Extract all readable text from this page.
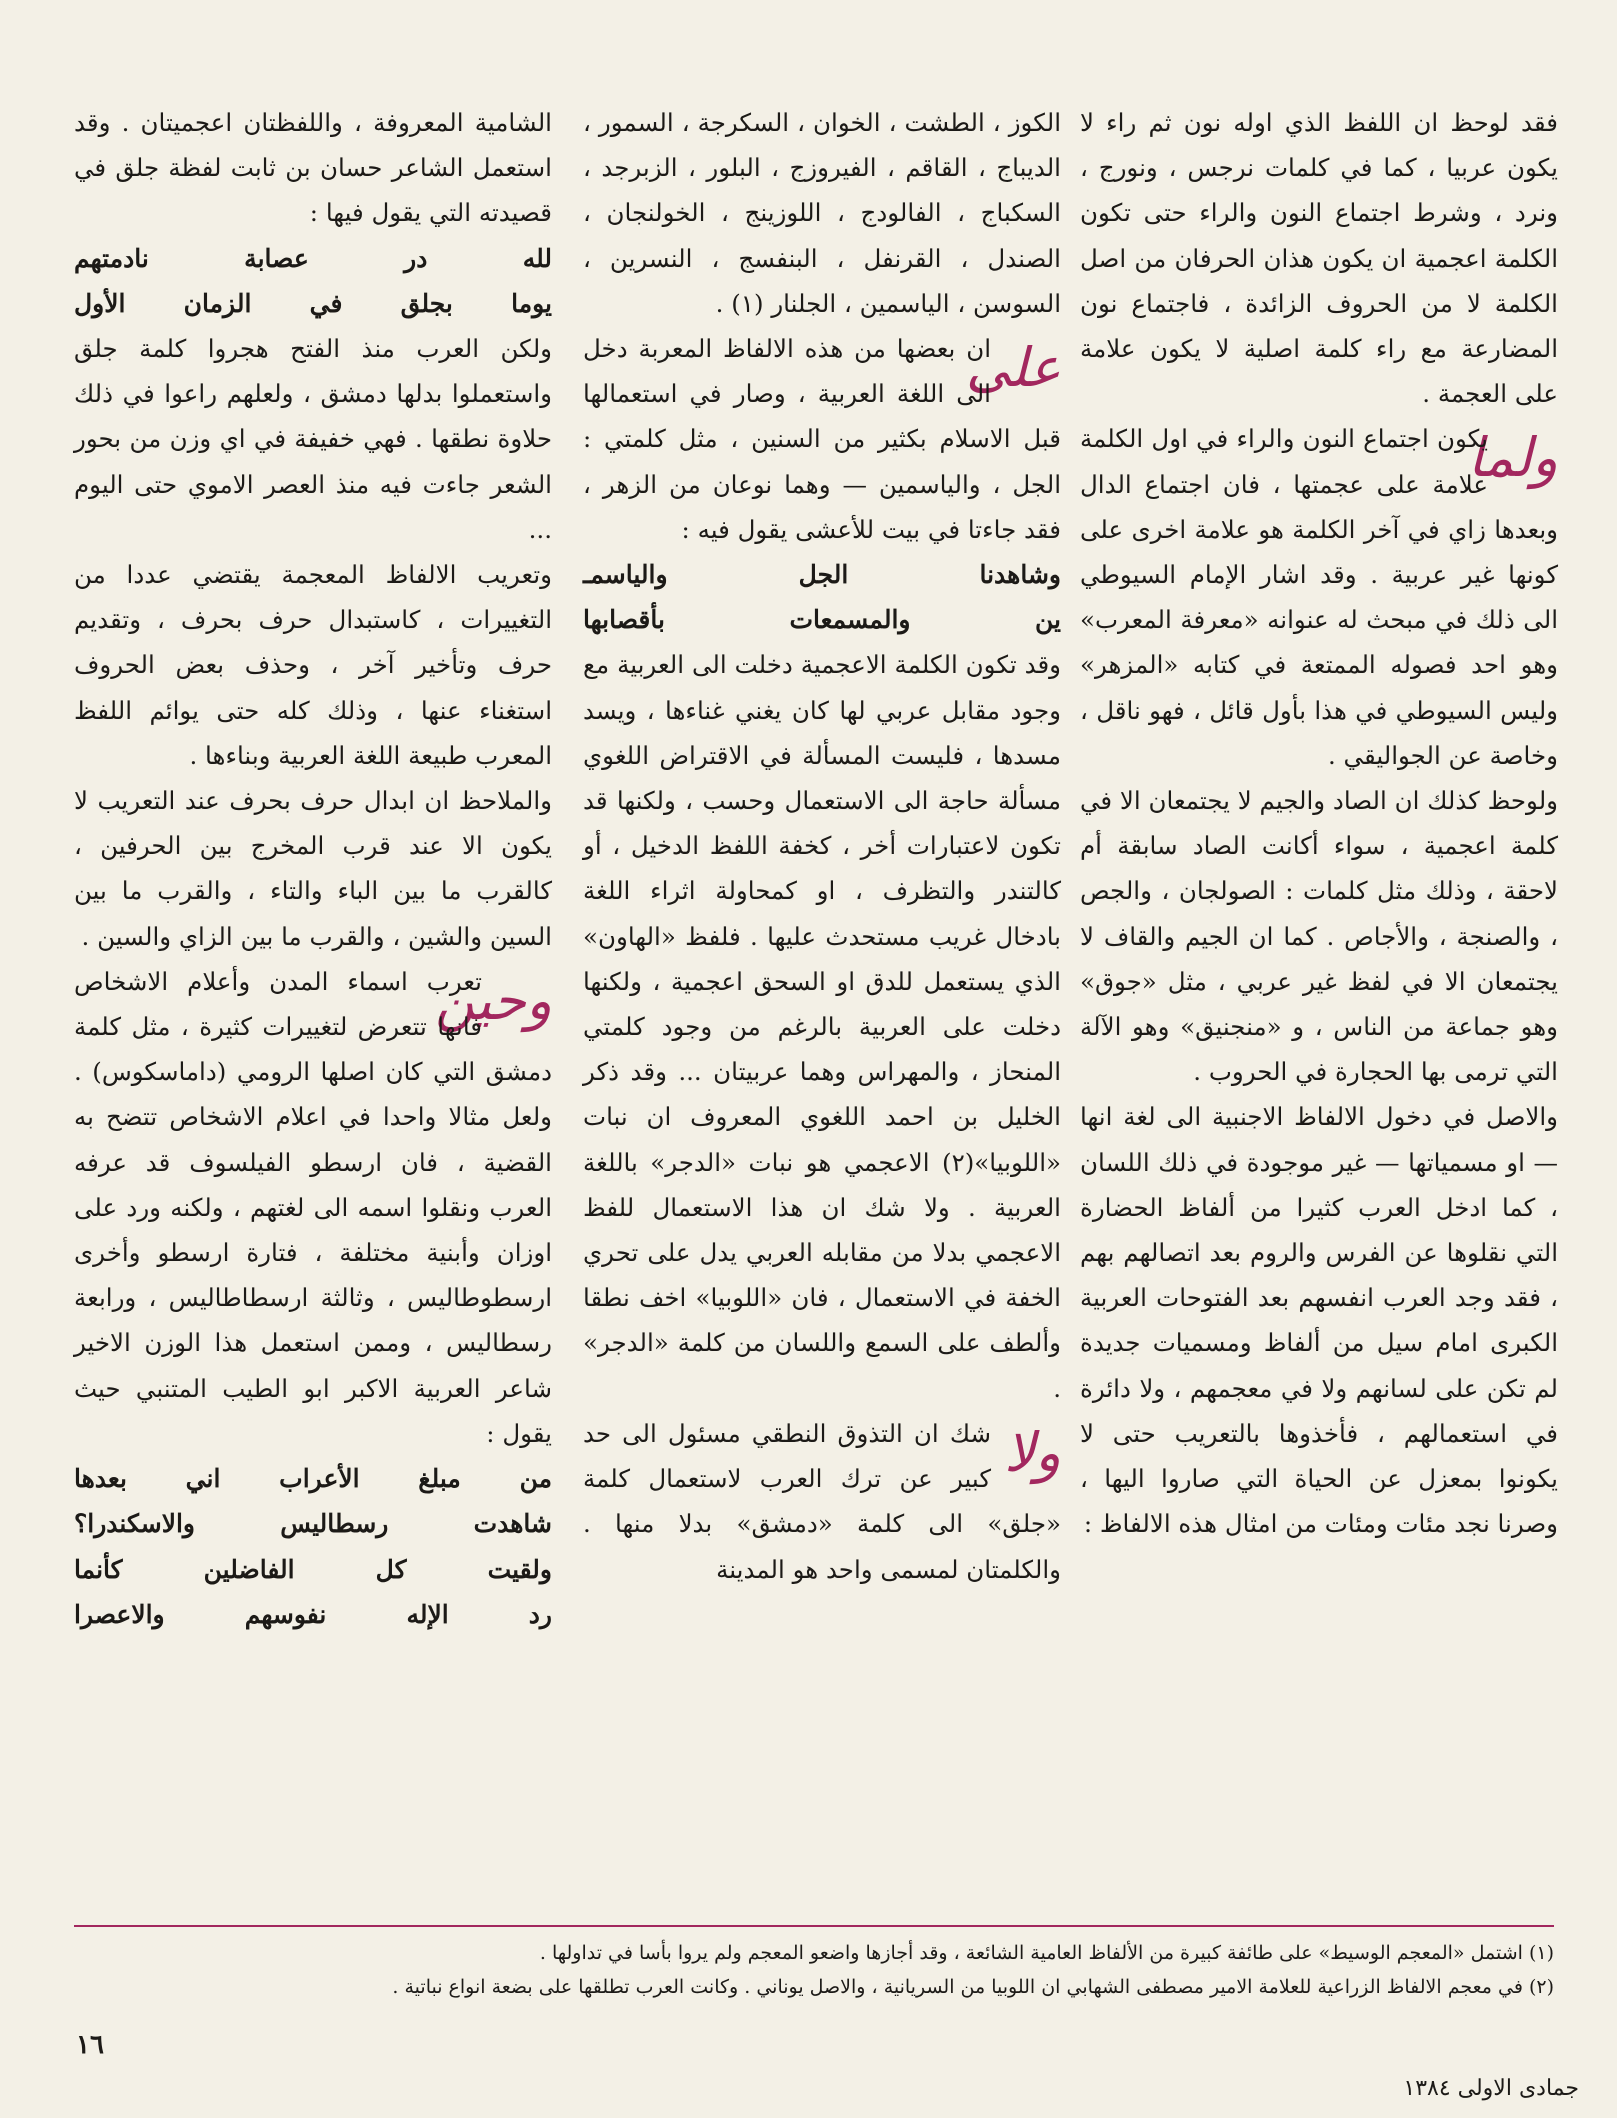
فقد لوحظ ان اللفظ الذي اوله نون ثم راء لا يكون عربيا ، كما في كلمات نرجس ، ونورج ، ونرد ، وشرط اجتماع النون والراء حتى تكون الكلمة اعجمية ان يكون هذان الحرفان من اصل الكلمة لا من الحروف الزائدة ، فاجتماع نون المضارعة مع راء كلمة اصلية لا يكون علامة على العجمة .

ولما
يكون اجتماع النون والراء في اول الكلمة علامة على عجمتها ، فان اجتماع الدال وبعدها زاي في آخر الكلمة هو علامة اخرى على كونها غير عربية . وقد اشار الإمام السيوطي الى ذلك في مبحث له عنوانه «معرفة المعرب» وهو احد فصوله الممتعة في كتابه «المزهر» وليس السيوطي في هذا بأول قائل ، فهو ناقل ، وخاصة عن الجواليقي .

ولوحظ كذلك ان الصاد والجيم لا يجتمعان الا في كلمة اعجمية ، سواء أكانت الصاد سابقة أم لاحقة ، وذلك مثل كلمات : الصولجان ، والجص ، والصنجة ، والأجاص . كما ان الجيم والقاف لا يجتمعان الا في لفظ غير عربي ، مثل «جوق» وهو جماعة من الناس ، و «منجنيق» وهو الآلة التي ترمى بها الحجارة في الحروب .

والاصل في دخول الالفاظ الاجنبية الى لغة انها — او مسمياتها — غير موجودة في ذلك اللسان ، كما ادخل العرب كثيرا من ألفاظ الحضارة التي نقلوها عن الفرس والروم بعد اتصالهم بهم ، فقد وجد العرب انفسهم بعد الفتوحات العربية الكبرى امام سيل من ألفاظ ومسميات جديدة لم تكن على لسانهم ولا في معجمهم ، ولا دائرة في استعمالهم ، فأخذوها بالتعريب حتى لا يكونوا بمعزل عن الحياة التي صاروا اليها ، وصرنا نجد مئات ومئات من امثال هذه الالفاظ :

الكوز ، الطشت ، الخوان ، السكرجة ، السمور ، الديباج ، القاقم ، الفيروزج ، البلور ، الزبرجد ، السكباج ، الفالودج ، اللوزينج ، الخولنجان ، الصندل ، القرنفل ، البنفسج ، النسرين ، السوسن ، الياسمين ، الجلنار (١) .

على
ان بعضها من هذه الالفاظ المعربة دخل الى اللغة العربية ، وصار في استعمالها قبل الاسلام بكثير من السنين ، مثل كلمتي : الجل ، والياسمين — وهما نوعان من الزهر ، فقد جاءتا في بيت للأعشى يقول فيه :

وشاهدنا الجل والياسمـ

ين والمسمعات بأقصابها

وقد تكون الكلمة الاعجمية دخلت الى العربية مع وجود مقابل عربي لها كان يغني غناءها ، ويسد مسدها ، فليست المسألة في الاقتراض اللغوي مسألة حاجة الى الاستعمال وحسب ، ولكنها قد تكون لاعتبارات أخر ، كخفة اللفظ الدخيل ، أو كالتندر والتظرف ، او كمحاولة اثراء اللغة بادخال غريب مستحدث عليها . فلفظ «الهاون» الذي يستعمل للدق او السحق اعجمية ، ولكنها دخلت على العربية بالرغم من وجود كلمتي المنحاز ، والمهراس وهما عربيتان ... وقد ذكر الخليل بن احمد اللغوي المعروف ان نبات «اللوبيا»(٢) الاعجمي هو نبات «الدجر» باللغة العربية . ولا شك ان هذا الاستعمال للفظ الاعجمي بدلا من مقابله العربي يدل على تحري الخفة في الاستعمال ، فان «اللوبيا» اخف نطقا وألطف على السمع واللسان من كلمة «الدجر» .

ولا
شك ان التذوق النطقي مسئول الى حد كبير عن ترك العرب لاستعمال كلمة «جلق» الى كلمة «دمشق» بدلا منها . والكلمتان لمسمى واحد هو المدينة

الشامية المعروفة ، واللفظتان اعجميتان . وقد استعمل الشاعر حسان بن ثابت لفظة جلق في قصيدته التي يقول فيها :

لله در عصابة نادمتهم

يوما بجلق في الزمان الأول

ولكن العرب منذ الفتح هجروا كلمة جلق واستعملوا بدلها دمشق ، ولعلهم راعوا في ذلك حلاوة نطقها . فهي خفيفة في اي وزن من بحور الشعر جاءت فيه منذ العصر الاموي حتى اليوم ...

وتعريب الالفاظ المعجمة يقتضي عددا من التغييرات ، كاستبدال حرف بحرف ، وتقديم حرف وتأخير آخر ، وحذف بعض الحروف استغناء عنها ، وذلك كله حتى يوائم اللفظ المعرب طبيعة اللغة العربية وبناءها .

والملاحظ ان ابدال حرف بحرف عند التعريب لا يكون الا عند قرب المخرج بين الحرفين ، كالقرب ما بين الباء والتاء ، والقرب ما بين السين والشين ، والقرب ما بين الزاي والسين .

وحين
تعرب اسماء المدن وأعلام الاشخاص فانها تتعرض لتغييرات كثيرة ، مثل كلمة دمشق التي كان اصلها الرومي (داماسكوس) . ولعل مثالا واحدا في اعلام الاشخاص تتضح به القضية ، فان ارسطو الفيلسوف قد عرفه العرب ونقلوا اسمه الى لغتهم ، ولكنه ورد على اوزان وأبنية مختلفة ، فتارة ارسطو وأخرى ارسطوطاليس ، وثالثة ارسطاطاليس ، ورابعة رسطاليس ، وممن استعمل هذا الوزن الاخير شاعر العربية الاكبر ابو الطيب المتنبي حيث يقول :

من مبلغ الأعراب اني بعدها

شاهدت رسطاليس والاسكندرا؟

ولقيت كل الفاضلين كأنما

رد الإله نفوسهم والاعصرا

(١) اشتمل «المعجم الوسيط» على طائفة كبيرة من الألفاظ العامية الشائعة ، وقد أجازها واضعو المعجم ولم يروا بأسا في تداولها .

(٢) في معجم الالفاظ الزراعية للعلامة الامير مصطفى الشهابي ان اللوبيا من السريانية ، والاصل يوناني . وكانت العرب تطلقها على بضعة انواع نباتية .

١٦
جمادى الاولى ١٣٨٤
